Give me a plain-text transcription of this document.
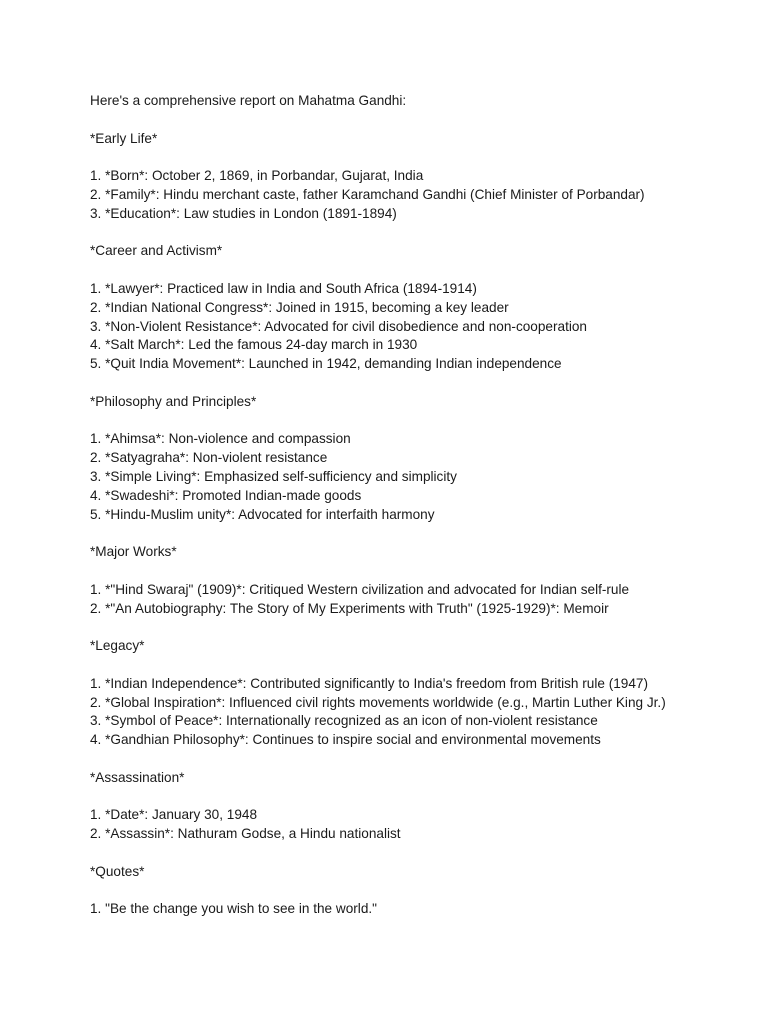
Here's a comprehensive report on Mahatma Gandhi:

*Early Life*

1. *Born*: October 2, 1869, in Porbandar, Gujarat, India
2. *Family*: Hindu merchant caste, father Karamchand Gandhi (Chief Minister of Porbandar)
3. *Education*: Law studies in London (1891-1894)

*Career and Activism*

1. *Lawyer*: Practiced law in India and South Africa (1894-1914)
2. *Indian National Congress*: Joined in 1915, becoming a key leader
3. *Non-Violent Resistance*: Advocated for civil disobedience and non-cooperation
4. *Salt March*: Led the famous 24-day march in 1930
5. *Quit India Movement*: Launched in 1942, demanding Indian independence

*Philosophy and Principles*

1. *Ahimsa*: Non-violence and compassion
2. *Satyagraha*: Non-violent resistance
3. *Simple Living*: Emphasized self-sufficiency and simplicity
4. *Swadeshi*: Promoted Indian-made goods
5. *Hindu-Muslim unity*: Advocated for interfaith harmony

*Major Works*

1. *"Hind Swaraj" (1909)*: Critiqued Western civilization and advocated for Indian self-rule
2. *"An Autobiography: The Story of My Experiments with Truth" (1925-1929)*: Memoir

*Legacy*

1. *Indian Independence*: Contributed significantly to India's freedom from British rule (1947)
2. *Global Inspiration*: Influenced civil rights movements worldwide (e.g., Martin Luther King Jr.)
3. *Symbol of Peace*: Internationally recognized as an icon of non-violent resistance
4. *Gandhian Philosophy*: Continues to inspire social and environmental movements

*Assassination*

1. *Date*: January 30, 1948
2. *Assassin*: Nathuram Godse, a Hindu nationalist

*Quotes*

1. "Be the change you wish to see in the world."
